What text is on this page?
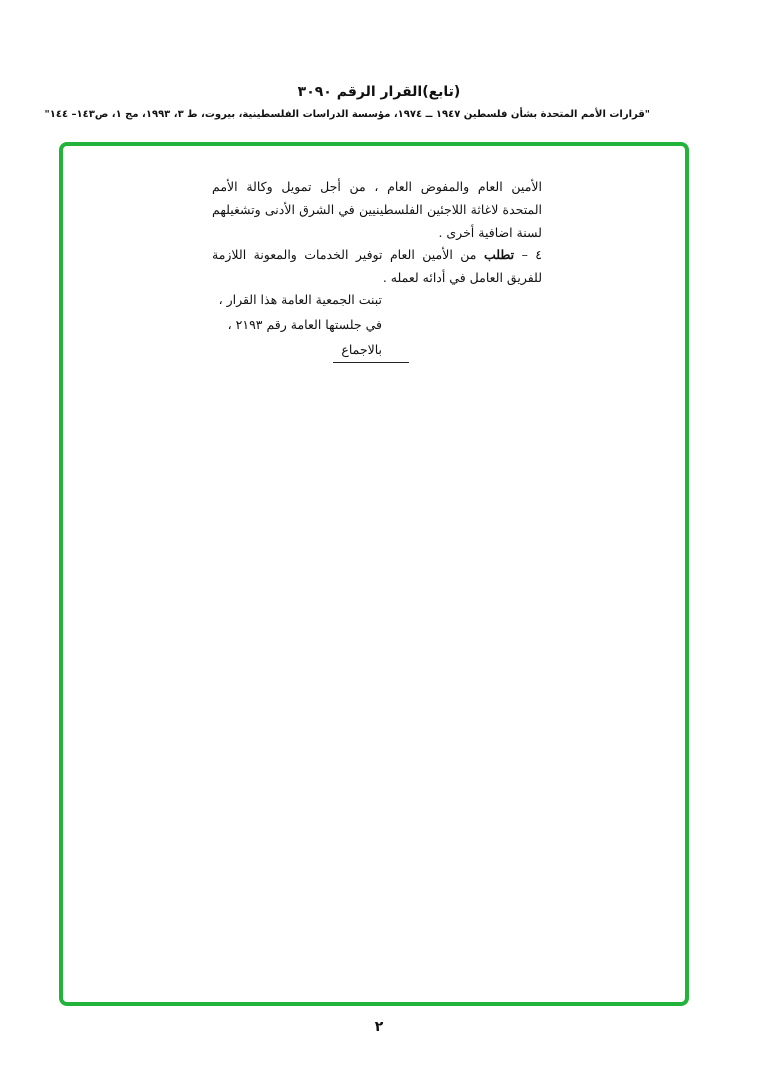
(تابع)القرار الرقم ٣٠٩٠
"قرارات الأمم المتحدة بشأن فلسطين ١٩٤٧ ــ ١٩٧٤، مؤسسة الدراسات الفلسطينية، بيروت، ط ٣، ١٩٩٣، مج ١، ص١٤٣– ١٤٤"

الأمين العام والمفوض العام ، من أجل تمويل وكالة الأمم المتحدة لاغاثة اللاجئين الفلسطينيين في الشرق الأدنى وتشغيلهم لسنة اضافية أخرى .

٤ – تطلب من الأمين العام توفير الخدمات والمعونة اللازمة للفريق العامل في أدائه لعمله .

تبنت الجمعية العامة هذا القرار ،
في جلستها العامة رقم ٢١٩٣ ،
بالاجماع
٢
